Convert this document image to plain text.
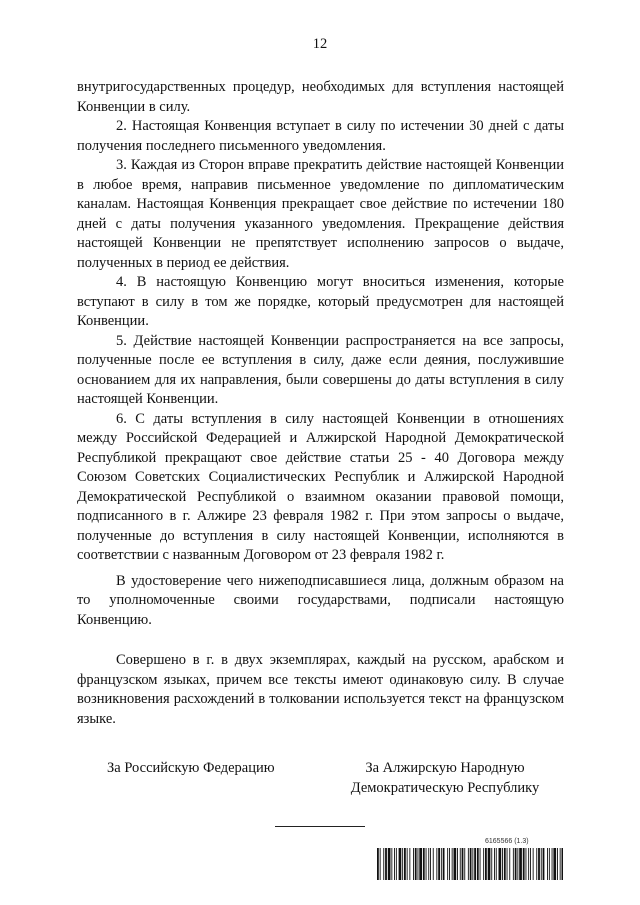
12

внутригосударственных процедур, необходимых для вступления настоящей Конвенции в силу.

2. Настоящая Конвенция вступает в силу по истечении 30 дней с даты получения последнего письменного уведомления.

3. Каждая из Сторон вправе прекратить действие настоящей Конвенции в любое время, направив письменное уведомление по дипломатическим каналам. Настоящая Конвенция прекращает свое действие по истечении 180 дней с даты получения указанного уведомления. Прекращение действия настоящей Конвенции не препятствует исполнению запросов о выдаче, полученных в период ее действия.

4. В настоящую Конвенцию могут вноситься изменения, которые вступают в силу в том же порядке, который предусмотрен для настоящей Конвенции.

5. Действие настоящей Конвенции распространяется на все запросы, полученные после ее вступления в силу, даже если деяния, послужившие основанием для их направления, были совершены до даты вступления в силу настоящей Конвенции.

6. С даты вступления в силу настоящей Конвенции в отношениях между Российской Федерацией и Алжирской Народной Демократической Республикой прекращают свое действие статьи 25 - 40 Договора между Союзом Советских Социалистических Республик и Алжирской Народной Демократической Республикой о взаимном оказании правовой помощи, подписанного в г. Алжире 23 февраля 1982 г. При этом запросы о выдаче, полученные до вступления в силу настоящей Конвенции, исполняются в соответствии с названным Договором от 23 февраля 1982 г.

В удостоверение чего нижеподписавшиеся лица, должным образом на то уполномоченные своими государствами, подписали настоящую Конвенцию.

Совершено в г. в двух экземплярах, каждый на русском, арабском и французском языках, причем все тексты имеют одинаковую силу. В случае возникновения расхождений в толковании используется текст на французском языке.

За Российскую Федерацию	За Алжирскую Народную
Демократическую Республику
6165566 (1.3)
